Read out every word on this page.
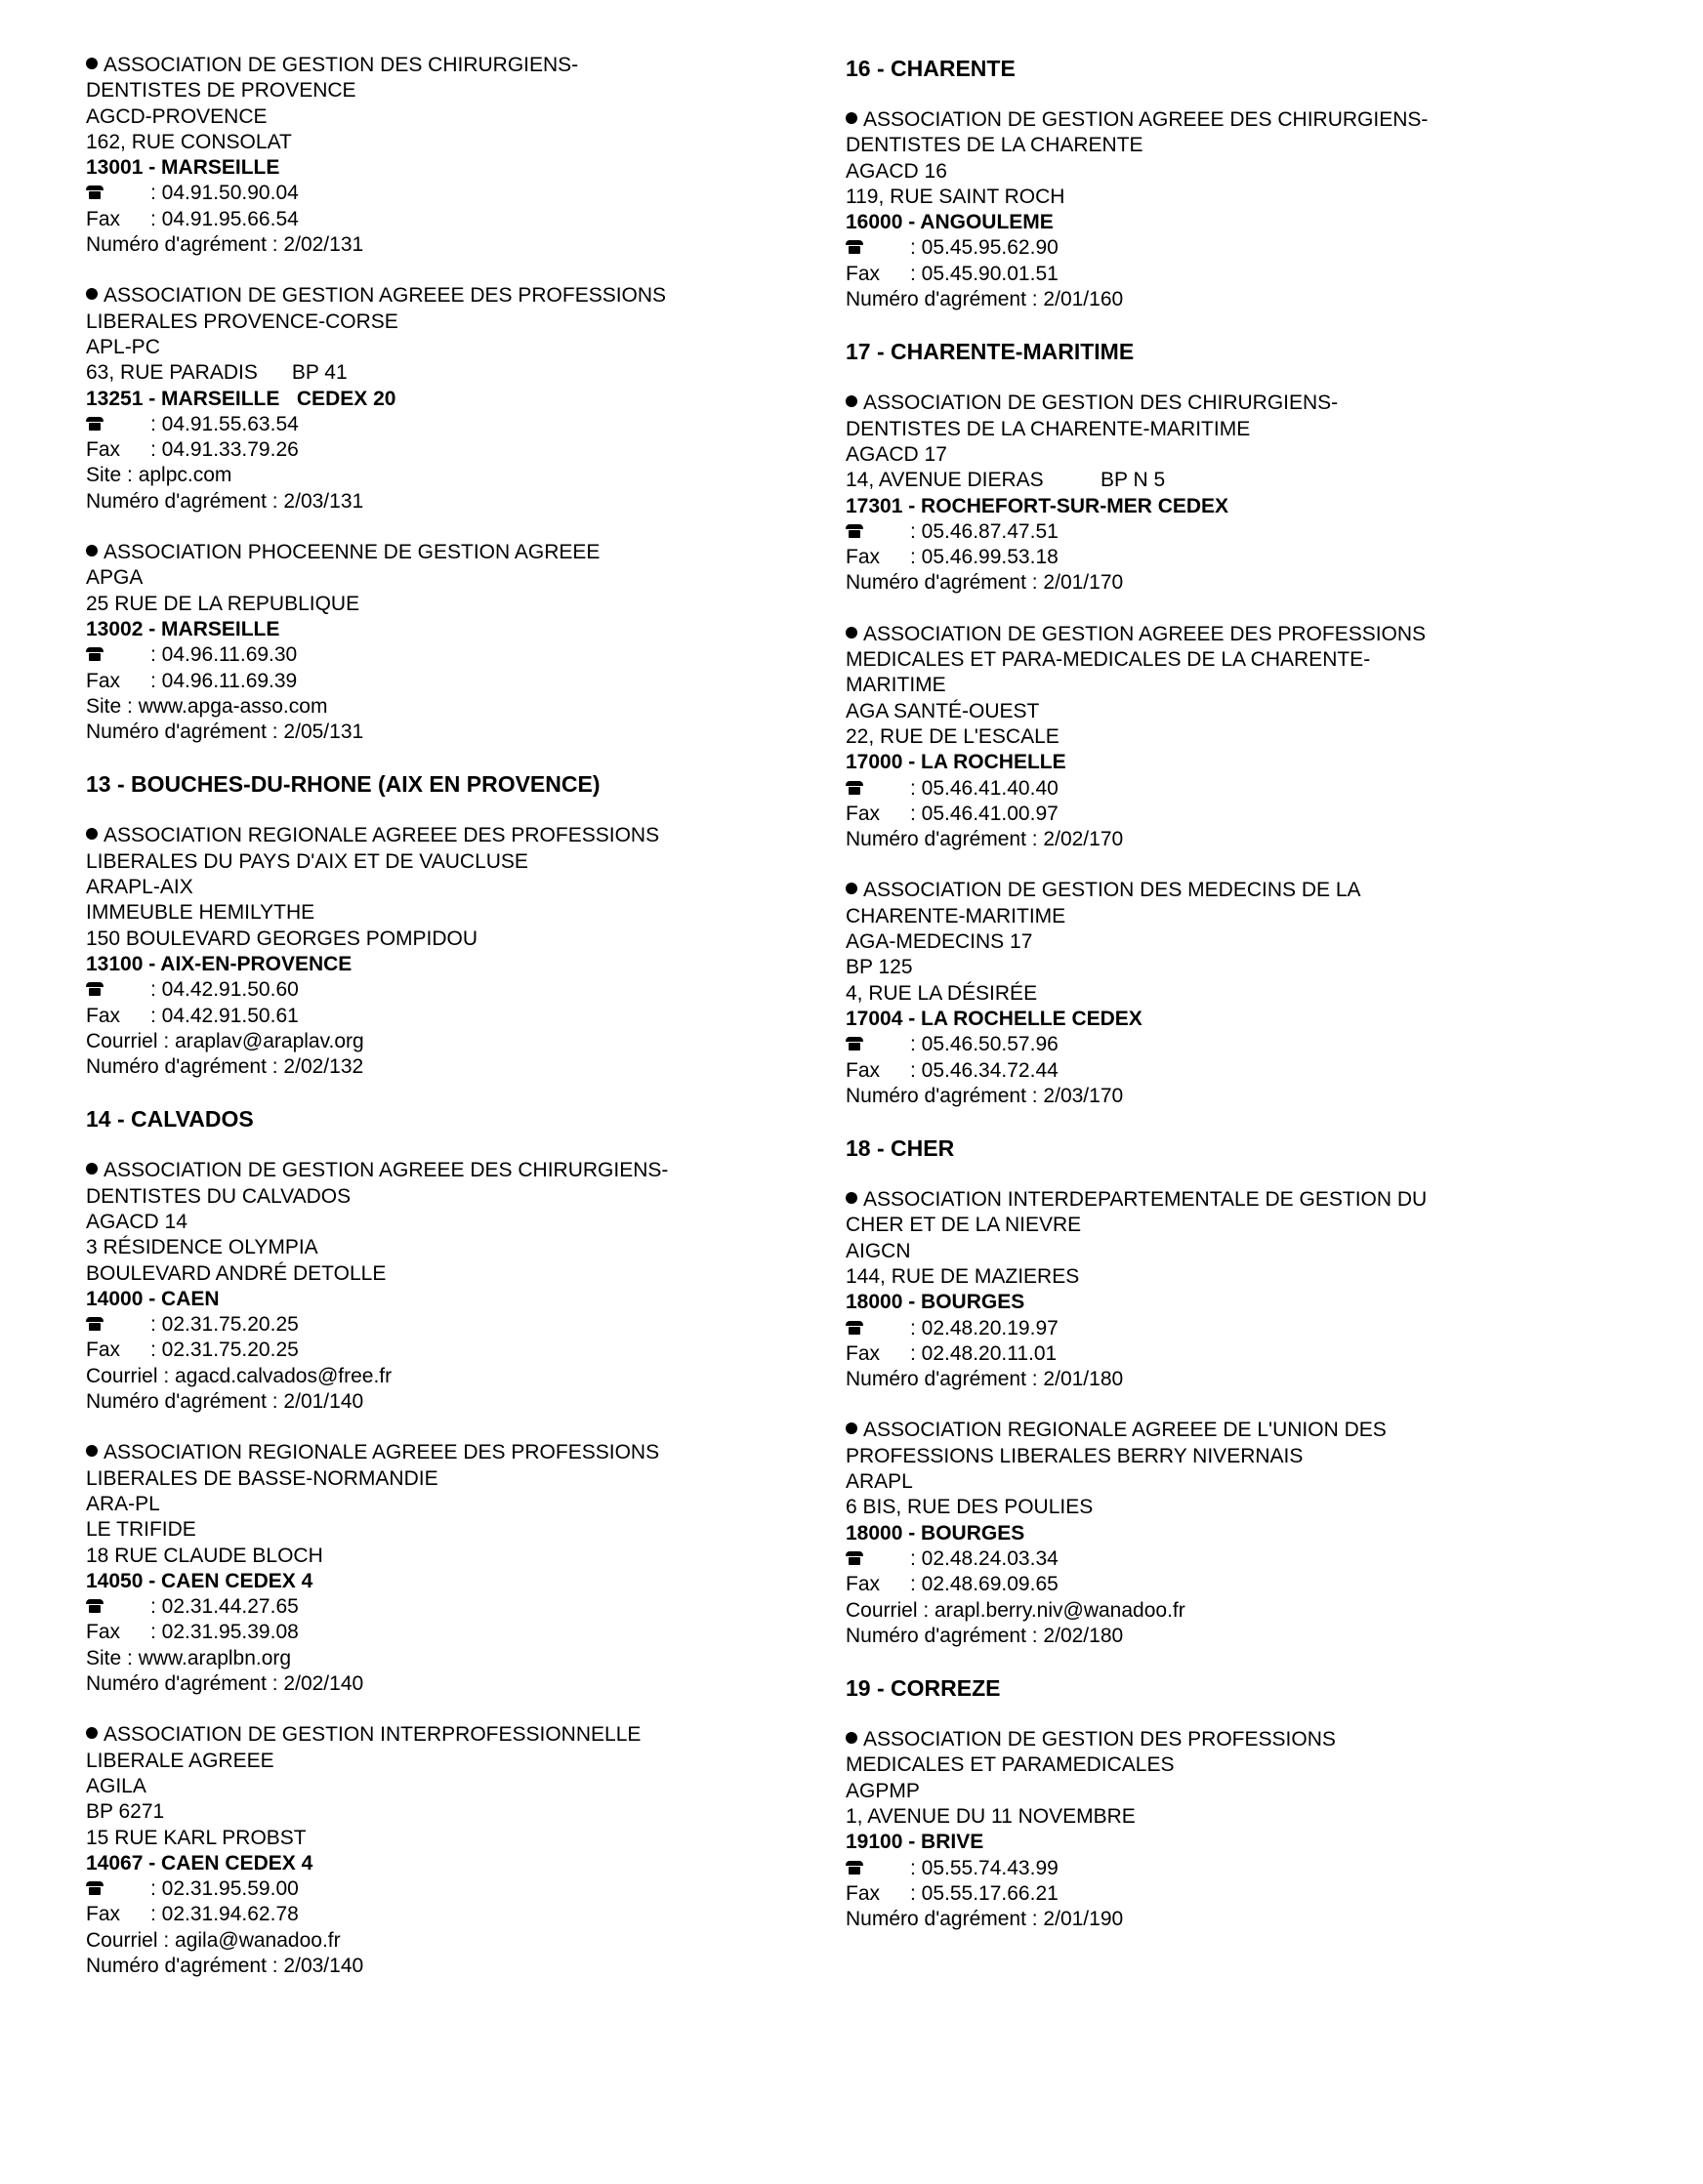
ASSOCIATION DE GESTION DES CHIRURGIENS-
DENTISTES DE PROVENCE
AGCD-PROVENCE
162, RUE CONSOLAT
13001 - MARSEILLE
: 04.91.50.90.04
Fax : 04.91.95.66.54
Numéro d'agrément : 2/02/131
ASSOCIATION DE GESTION AGREEE DES PROFESSIONS
LIBERALES PROVENCE-CORSE
APL-PC
63, RUE PARADIS      BP 41
13251 - MARSEILLE   CEDEX 20
: 04.91.55.63.54
Fax : 04.91.33.79.26
Site : aplpc.com
Numéro d'agrément : 2/03/131
ASSOCIATION PHOCEENNE DE GESTION AGREEE
APGA
25 RUE DE LA REPUBLIQUE
13002 - MARSEILLE
: 04.96.11.69.30
Fax : 04.96.11.69.39
Site : www.apga-asso.com
Numéro d'agrément : 2/05/131
13 - BOUCHES-DU-RHONE (AIX EN PROVENCE)
ASSOCIATION REGIONALE AGREEE DES PROFESSIONS
LIBERALES DU PAYS D'AIX ET DE VAUCLUSE
ARAPL-AIX
IMMEUBLE HEMILYTHE
150 BOULEVARD GEORGES POMPIDOU
13100 - AIX-EN-PROVENCE
: 04.42.91.50.60
Fax : 04.42.91.50.61
Courriel : araplav@araplav.org
Numéro d'agrément : 2/02/132
14 - CALVADOS
ASSOCIATION DE GESTION AGREEE DES CHIRURGIENS-
DENTISTES DU CALVADOS
AGACD 14
3 RÉSIDENCE OLYMPIA
BOULEVARD ANDRÉ DETOLLE
14000 - CAEN
: 02.31.75.20.25
Fax : 02.31.75.20.25
Courriel : agacd.calvados@free.fr
Numéro d'agrément : 2/01/140
ASSOCIATION REGIONALE AGREEE DES PROFESSIONS
LIBERALES DE BASSE-NORMANDIE
ARA-PL
LE TRIFIDE
18 RUE CLAUDE BLOCH
14050 - CAEN CEDEX 4
: 02.31.44.27.65
Fax : 02.31.95.39.08
Site : www.araplbn.org
Numéro d'agrément : 2/02/140
ASSOCIATION DE GESTION INTERPROFESSIONNELLE
LIBERALE AGREEE
AGILA
BP 6271
15 RUE KARL PROBST
14067 - CAEN CEDEX 4
: 02.31.95.59.00
Fax : 02.31.94.62.78
Courriel : agila@wanadoo.fr
Numéro d'agrément : 2/03/140
16 - CHARENTE
ASSOCIATION DE GESTION AGREEE DES CHIRURGIENS-
DENTISTES DE LA CHARENTE
AGACD 16
119, RUE SAINT ROCH
16000 - ANGOULEME
: 05.45.95.62.90
Fax : 05.45.90.01.51
Numéro d'agrément : 2/01/160
17 - CHARENTE-MARITIME
ASSOCIATION DE GESTION DES CHIRURGIENS-
DENTISTES DE LA CHARENTE-MARITIME
AGACD 17
14, AVENUE DIERAS          BP N 5
17301 - ROCHEFORT-SUR-MER CEDEX
: 05.46.87.47.51
Fax : 05.46.99.53.18
Numéro d'agrément : 2/01/170
ASSOCIATION DE GESTION AGREEE DES PROFESSIONS
MEDICALES ET PARA-MEDICALES DE LA CHARENTE-
MARITIME
AGA SANTÉ-OUEST
22, RUE DE L'ESCALE
17000 - LA ROCHELLE
: 05.46.41.40.40
Fax : 05.46.41.00.97
Numéro d'agrément : 2/02/170
ASSOCIATION DE GESTION DES MEDECINS DE LA
CHARENTE-MARITIME
AGA-MEDECINS 17
BP 125
4, RUE LA DÉSIRÉE
17004 - LA ROCHELLE CEDEX
: 05.46.50.57.96
Fax : 05.46.34.72.44
Numéro d'agrément : 2/03/170
18 - CHER
ASSOCIATION INTERDEPARTEMENTALE DE GESTION DU
CHER ET DE LA NIEVRE
AIGCN
144, RUE DE MAZIERES
18000 - BOURGES
: 02.48.20.19.97
Fax : 02.48.20.11.01
Numéro d'agrément : 2/01/180
ASSOCIATION REGIONALE AGREEE DE L'UNION DES
PROFESSIONS LIBERALES BERRY NIVERNAIS
ARAPL
6 BIS, RUE DES POULIES
18000 - BOURGES
: 02.48.24.03.34
Fax : 02.48.69.09.65
Courriel : arapl.berry.niv@wanadoo.fr
Numéro d'agrément : 2/02/180
19 - CORREZE
ASSOCIATION DE GESTION DES PROFESSIONS
MEDICALES ET PARAMEDICALES
AGPMP
1, AVENUE DU 11 NOVEMBRE
19100 - BRIVE
: 05.55.74.43.99
Fax : 05.55.17.66.21
Numéro d'agrément : 2/01/190
